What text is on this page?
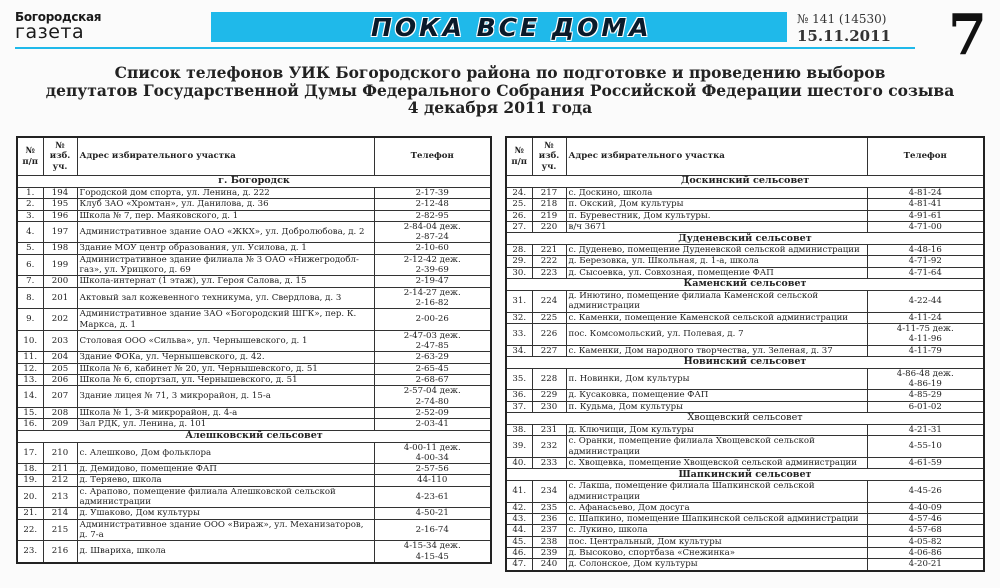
Богородская
газета	ПОКА ВСЕ ДОМА	№ 141 (14530)
15.11.2011 7
Список телефонов УИК Богородского района по подготовке и проведению выборов
депутатов Государственной Думы Федерального Собрания Российской Федерации шестого созыва
4 декабря 2011 года
№ п/п	№ изб. уч.	Адрес избирательного участка	Телефон
г. Богородск			
1.	194	Городской дом спорта, ул. Ленина, д. 222	2-17-39

2.	195	Клуб ЗАО «Хромтан», ул. Данилова, д. 36	2-12-48

3.	196	Школа № 7, пер. Маяковского, д. 1	2-82-95

4.	197	Административное здание ОАО «ЖКХ», ул. Добролюбова, д. 2	2-84-04 деж.
2-87-24

5.	198	Здание МОУ центр образования, ул. Усилова, д. 1	2-10-60

6.	199	Административное здание филиала № 3 ОАО «Нижегродобл-газ», ул. Урицкого, д. 69	2-12-42 деж.
2-39-69

7.	200	Школа-интернат (1 этаж), ул. Героя Салова, д. 15	2-19-47

8.	201	Актовый зал кожевенного техникума, ул. Свердлова, д. 3	2-14-27 деж.
2-16-82

9.	202	Административное здание ЗАО «Богородский ШГК», пер. К. Маркса, д. 1	2-00-26

10.	203	Столовая ООО «Сильва», ул. Чернышевского, д. 1	2-47-03 деж.
2-47-85

11.	204	Здание ФОКа, ул. Чернышевского, д. 42.	2-63-29

12.	205	Школа № 6, кабинет № 20, ул. Чернышевского, д. 51	2-65-45

13.	206	Школа № 6, спортзал, ул. Чернышевского, д. 51	2-68-67

14.	207	Здание лицея № 71, 3 микрорайон, д. 15-а	2-57-04 деж.
2-74-80

15.	208	Школа № 1, 3-й микрорайон, д. 4-а	2-52-09

16.	209	Зал РДК, ул. Ленина, д. 101	2-03-41

Алешковский сельсовет			
17.	210	с. Алешково, Дом фольклора	4-00-11 деж.
4-00-34

18.	211	д. Демидово, помещение ФАП	2-57-56

19.	212	д. Теряево, школа	44-110

20.	213	с. Арапово, помещение филиала Алешковской сельской администрации	4-23-61

21.	214	д. Ушаково, Дом культуры	4-50-21

22.	215	Административное здание ООО «Вираж», ул. Механизаторов, д. 7-а	2-16-74

23.	216	д. Швариха, школа	4-15-34 деж.
4-15-45
№ п/п	№ изб. уч.	Адрес избирательного участка	Телефон
Доскинский сельсовет			
24.	217	с. Доскино, школа	4-81-24

25.	218	п. Окский, Дом культуры	4-81-41

26.	219	п. Буревестник, Дом культуры.	4-91-61

27.	220	в/ч 3671	4-71-00

Дуденевский сельсовет			
28.	221	с. Дуденево, помещение Дуденевской сельской администрации	4-48-16

29.	222	д. Березовка, ул. Школьная, д. 1-а, школа	4-71-92

30.	223	д. Сысоевка, ул. Совхозная, помещение ФАП	4-71-64

Каменский сельсовет			
31.	224	д. Инютино, помещение филиала Каменской сельской администрации	4-22-44

32.	225	с. Каменки, помещение Каменской сельской администрации	4-11-24

33.	226	пос. Комсомольский, ул. Полевая, д. 7	4-11-75 деж.
4-11-96

34.	227	с. Каменки, Дом народного творчества, ул. Зеленая, д. 37	4-11-79

Новинский сельсовет			
35.	228	п. Новинки, Дом культуры	4-86-48 деж.
4-86-19

36.	229	д. Кусаковка, помещение ФАП	4-85-29

37.	230	п. Кудьма, Дом культуры	6-01-02

Хвощевский сельсовет			
38.	231	д. Ключищи, Дом культуры	4-21-31

39.	232	с. Оранки, помещение филиала Хвощевской сельской администрации	4-55-10

40.	233	с. Хвощевка, помещение Хвощевской сельской администрации	4-61-59

Шапкинский сельсовет			
41.	234	с. Лакша, помещение филиала Шапкинской сельской администрации	4-45-26

42.	235	с. Афанасьево, Дом досуга	4-40-09

43.	236	с. Шапкино, помещение Шапкинской сельской администрации	4-57-46

44.	237	с. Лукино, школа	4-57-68

45.	238	пос. Центральный, Дом культуры	4-05-82

46.	239	д. Высоково, спортбаза «Снежинка»	4-06-86

47.	240	д. Солонское, Дом культуры	4-20-21
